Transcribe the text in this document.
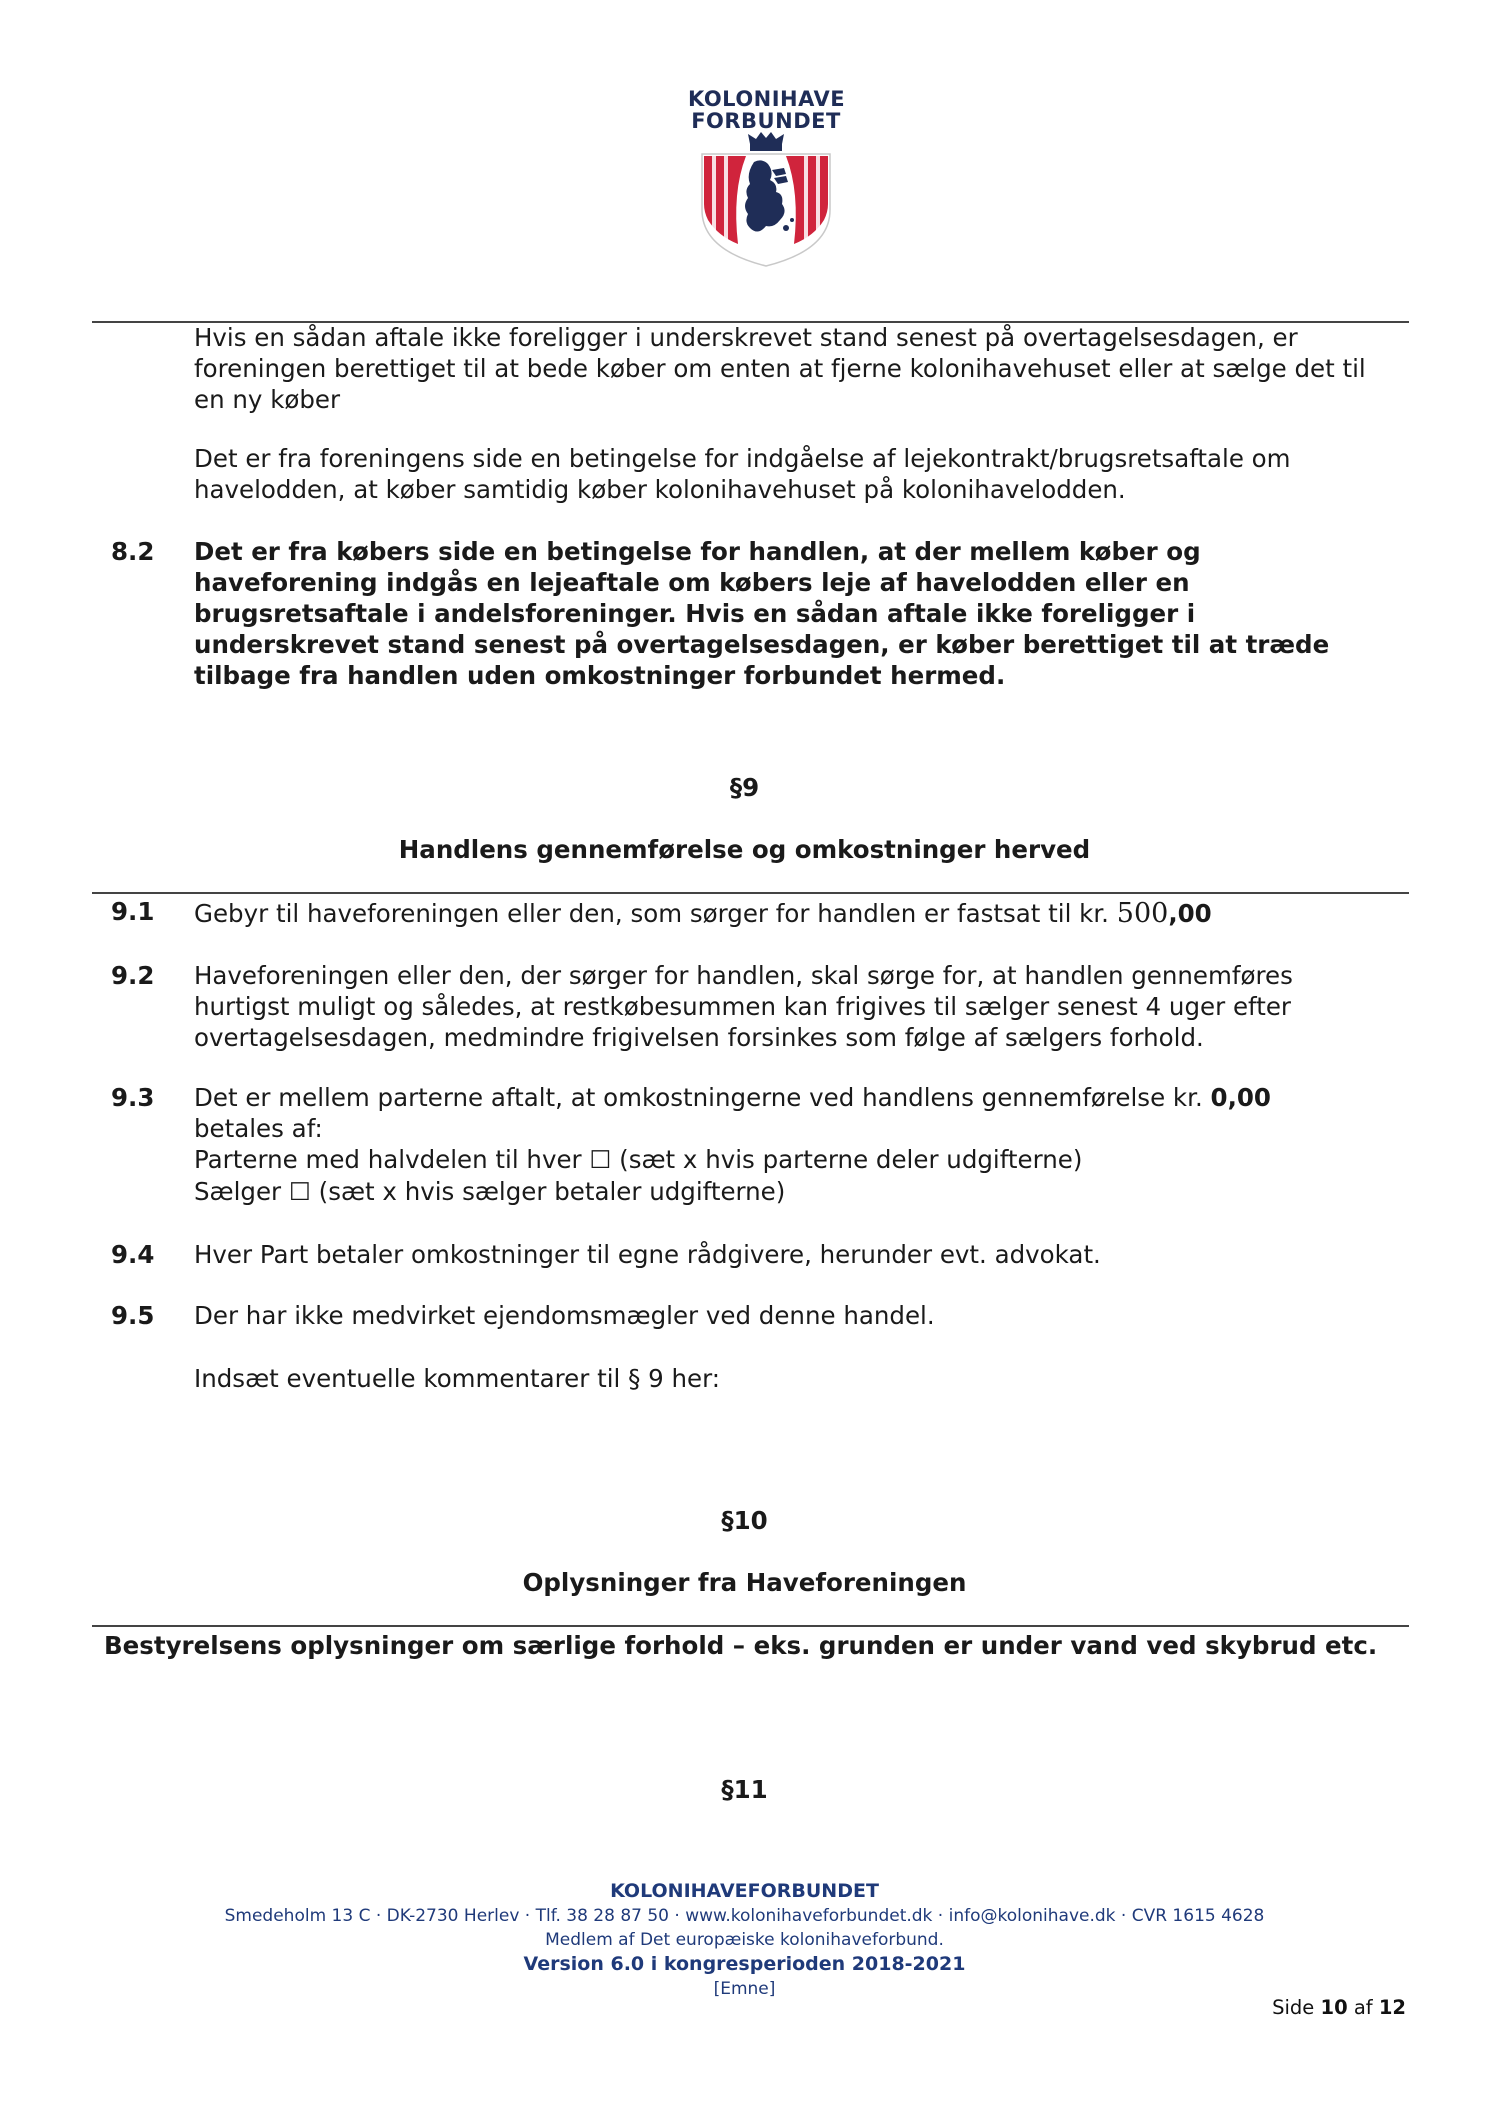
KOLONIHAVE
FORBUNDET

Hvis en sådan aftale ikke foreligger i underskrevet stand senest på overtagelsesdagen, er foreningen berettiget til at bede køber om enten at fjerne kolonihavehuset eller at sælge det til en ny køber

Det er fra foreningens side en betingelse for indgåelse af lejekontrakt/brugsretsaftale om havelodden, at køber samtidig køber kolonihavehuset på kolonihavelodden.

8.2 Det er fra købers side en betingelse for handlen, at der mellem køber og haveforening indgås en lejeaftale om købers leje af havelodden eller en brugsretsaftale i andelsforeninger. Hvis en sådan aftale ikke foreligger i underskrevet stand senest på overtagelsesdagen, er køber berettiget til at træde tilbage fra handlen uden omkostninger forbundet hermed.

§9
Handlens gennemførelse og omkostninger herved
9.1 Gebyr til haveforeningen eller den, som sørger for handlen er fastsat til kr. 500,00

9.2 Haveforeningen eller den, der sørger for handlen, skal sørge for, at handlen gennemføres hurtigst muligt og således, at restkøbesummen kan frigives til sælger senest 4 uger efter overtagelsesdagen, medmindre frigivelsen forsinkes som følge af sælgers forhold.

9.3 Det er mellem parterne aftalt, at omkostningerne ved handlens gennemførelse kr. 0,00

betales af:

Parterne med halvdelen til hver ☐ (sæt x hvis parterne deler udgifterne)

Sælger ☐ (sæt x hvis sælger betaler udgifterne)

9.4 Hver Part betaler omkostninger til egne rådgivere, herunder evt. advokat.

9.5 Der har ikke medvirket ejendomsmægler ved denne handel.

Indsæt eventuelle kommentarer til § 9 her:

§10
Oplysninger fra Haveforeningen

Bestyrelsens oplysninger om særlige forhold – eks. grunden er under vand ved skybrud etc.

§11
KOLONIHAVEFORBUNDET
Smedeholm 13 C · DK-2730 Herlev · Tlf. 38 28 87 50 · www.kolonihaveforbundet.dk · info@kolonihave.dk · CVR 1615 4628
Medlem af Det europæiske kolonihaveforbund.
Version 6.0 i kongresperioden 2018-2021
[Emne]
Side 10 af 12
